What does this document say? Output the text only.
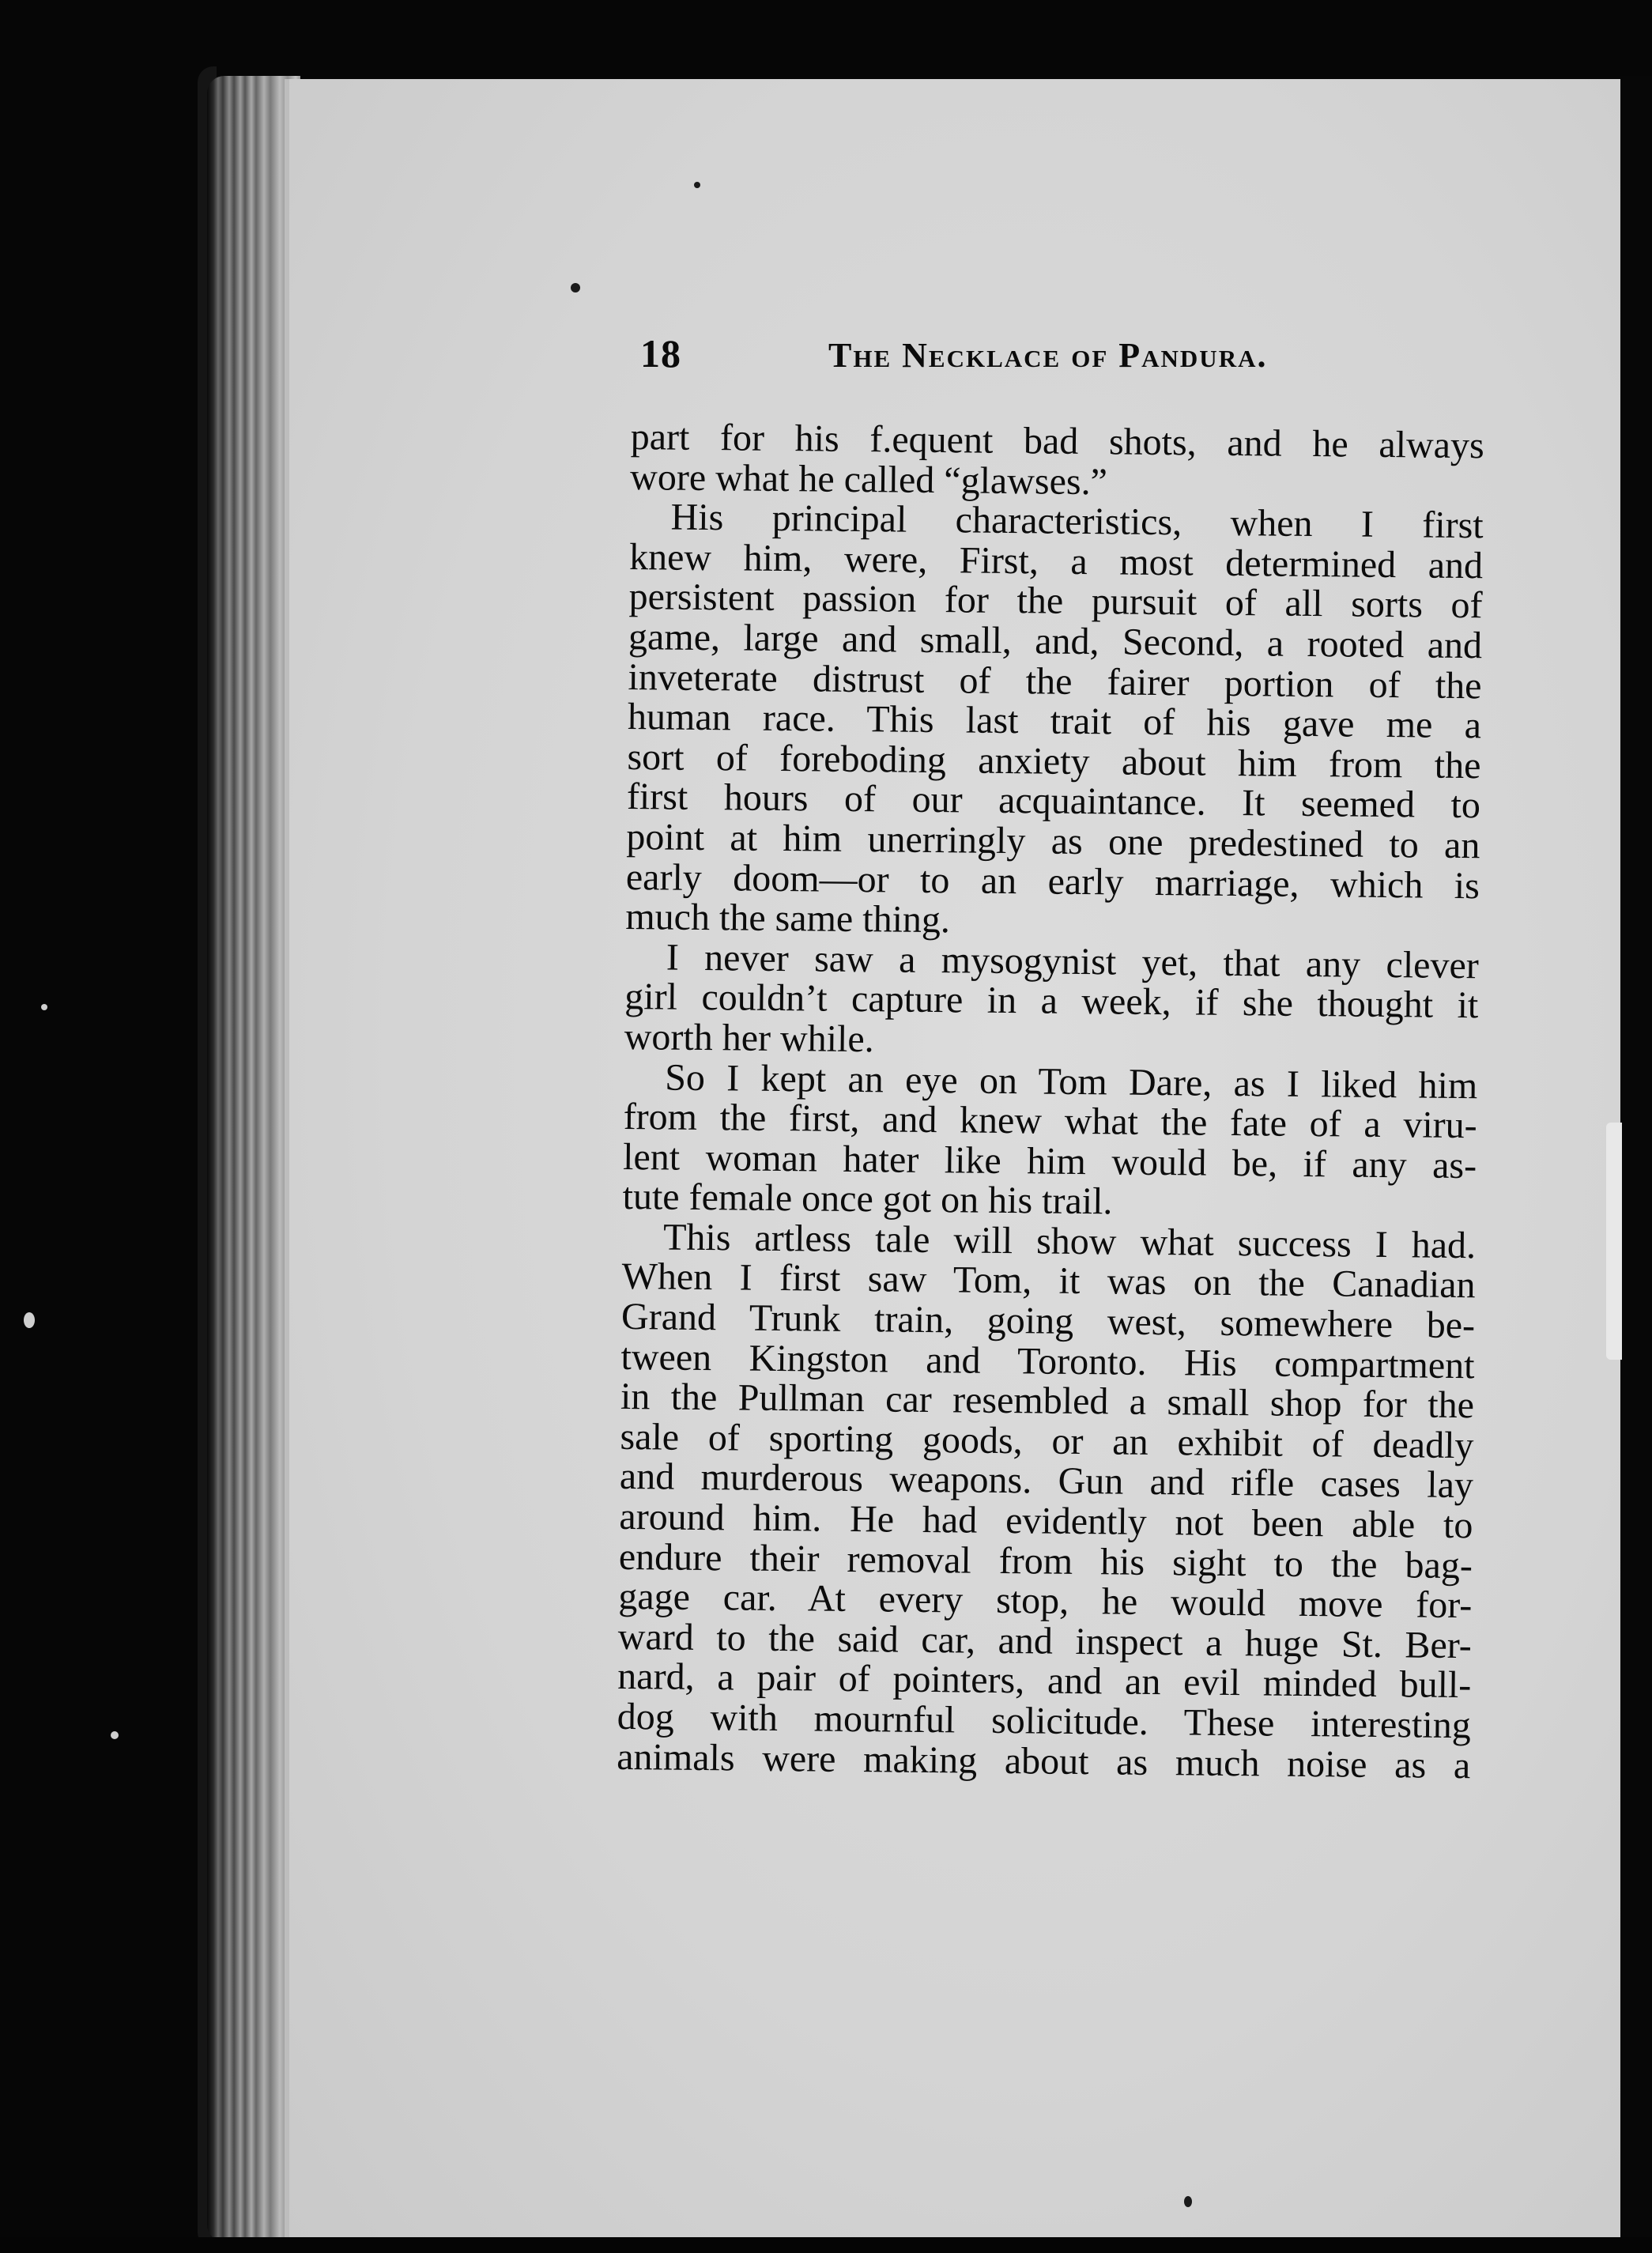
18	The Necklace of Pandura.
part for his f.equent bad shots, and he always
wore what he called “glawses.”
His principal characteristics, when I first
knew him, were, First, a most determined and
persistent passion for the pursuit of all sorts of
game, large and small, and, Second, a rooted and
inveterate distrust of the fairer portion of the
human race. This last trait of his gave me a
sort of foreboding anxiety about him from the
first hours of our acquaintance. It seemed to
point at him unerringly as one predestined to an
early doom—or to an early marriage, which is
much the same thing.
I never saw a mysogynist yet, that any clever
girl couldn’t capture in a week, if she thought it
worth her while.
So I kept an eye on Tom Dare, as I liked him
from the first, and knew what the fate of a viru-
lent woman hater like him would be, if any as-
tute female once got on his trail.
This artless tale will show what success I had.
When I first saw Tom, it was on the Canadian
Grand Trunk train, going west, somewhere be-
tween Kingston and Toronto. His compartment
in the Pullman car resembled a small shop for the
sale of sporting goods, or an exhibit of deadly
and murderous weapons. Gun and rifle cases lay
around him. He had evidently not been able to
endure their removal from his sight to the bag-
gage car. At every stop, he would move for-
ward to the said car, and inspect a huge St. Ber-
nard, a pair of pointers, and an evil minded bull-
dog with mournful solicitude. These interesting
animals were making about as much noise as a
